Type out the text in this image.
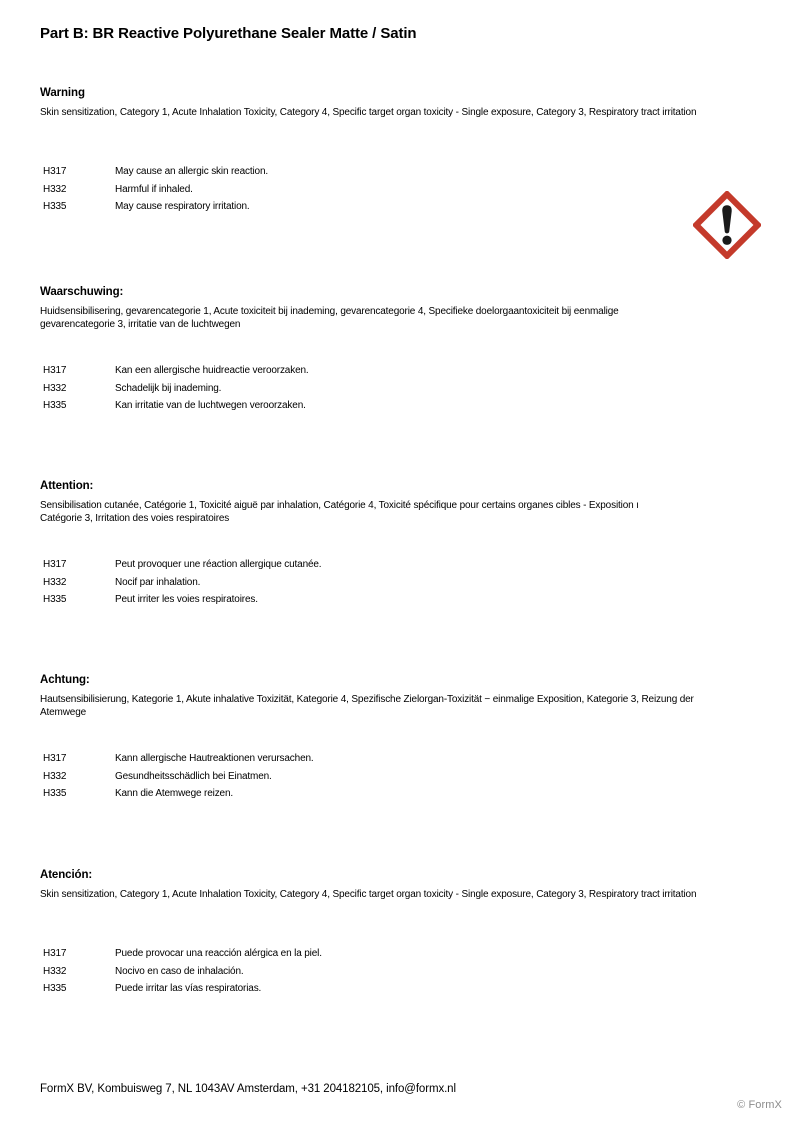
Part B: BR Reactive Polyurethane Sealer Matte / Satin
Warning
Skin sensitization, Category 1, Acute Inhalation Toxicity, Category 4, Specific target organ toxicity - Single exposure, Category 3, Respiratory tract irritation
H317	May cause an allergic skin reaction.
H332	Harmful if inhaled.
H335	May cause respiratory irritation.
Waarschuwing:
Huidsensibilisering, gevarencategorie 1, Acute toxiciteit bij inademing, gevarencategorie 4, Specifieke doelorgaantoxiciteit bij eenmalige
gevarencategorie 3, irritatie van de luchtwegen
H317	Kan een allergische huidreactie veroorzaken.
H332	Schadelijk bij inademing.
H335	Kan irritatie van de luchtwegen veroorzaken.
Attention:
Sensibilisation cutanée, Catégorie 1, Toxicité aiguë par inhalation, Catégorie 4, Toxicité spécifique pour certains organes cibles - Exposition ı
Catégorie 3, Irritation des voies respiratoires
H317	Peut provoquer une réaction allergique cutanée.
H332	Nocif par inhalation.
H335	Peut irriter les voies respiratoires.
Achtung:
Hautsensibilisierung, Kategorie 1, Akute inhalative Toxizität, Kategorie 4, Spezifische Zielorgan-Toxizität − einmalige Exposition, Kategorie 3, Reizung der
Atemwege
H317	Kann allergische Hautreaktionen verursachen.
H332	Gesundheitsschädlich bei Einatmen.
H335	Kann die Atemwege reizen.
Atención:
Skin sensitization, Category 1, Acute Inhalation Toxicity, Category 4, Specific target organ toxicity - Single exposure, Category 3, Respiratory tract irritation
H317	Puede provocar una reacción alérgica en la piel.
H332	Nocivo en caso de inhalación.
H335	Puede irritar las vías respiratorias.
FormX BV, Kombuisweg 7, NL 1043AV Amsterdam, +31 204182105, info@formx.nl
© FormX
